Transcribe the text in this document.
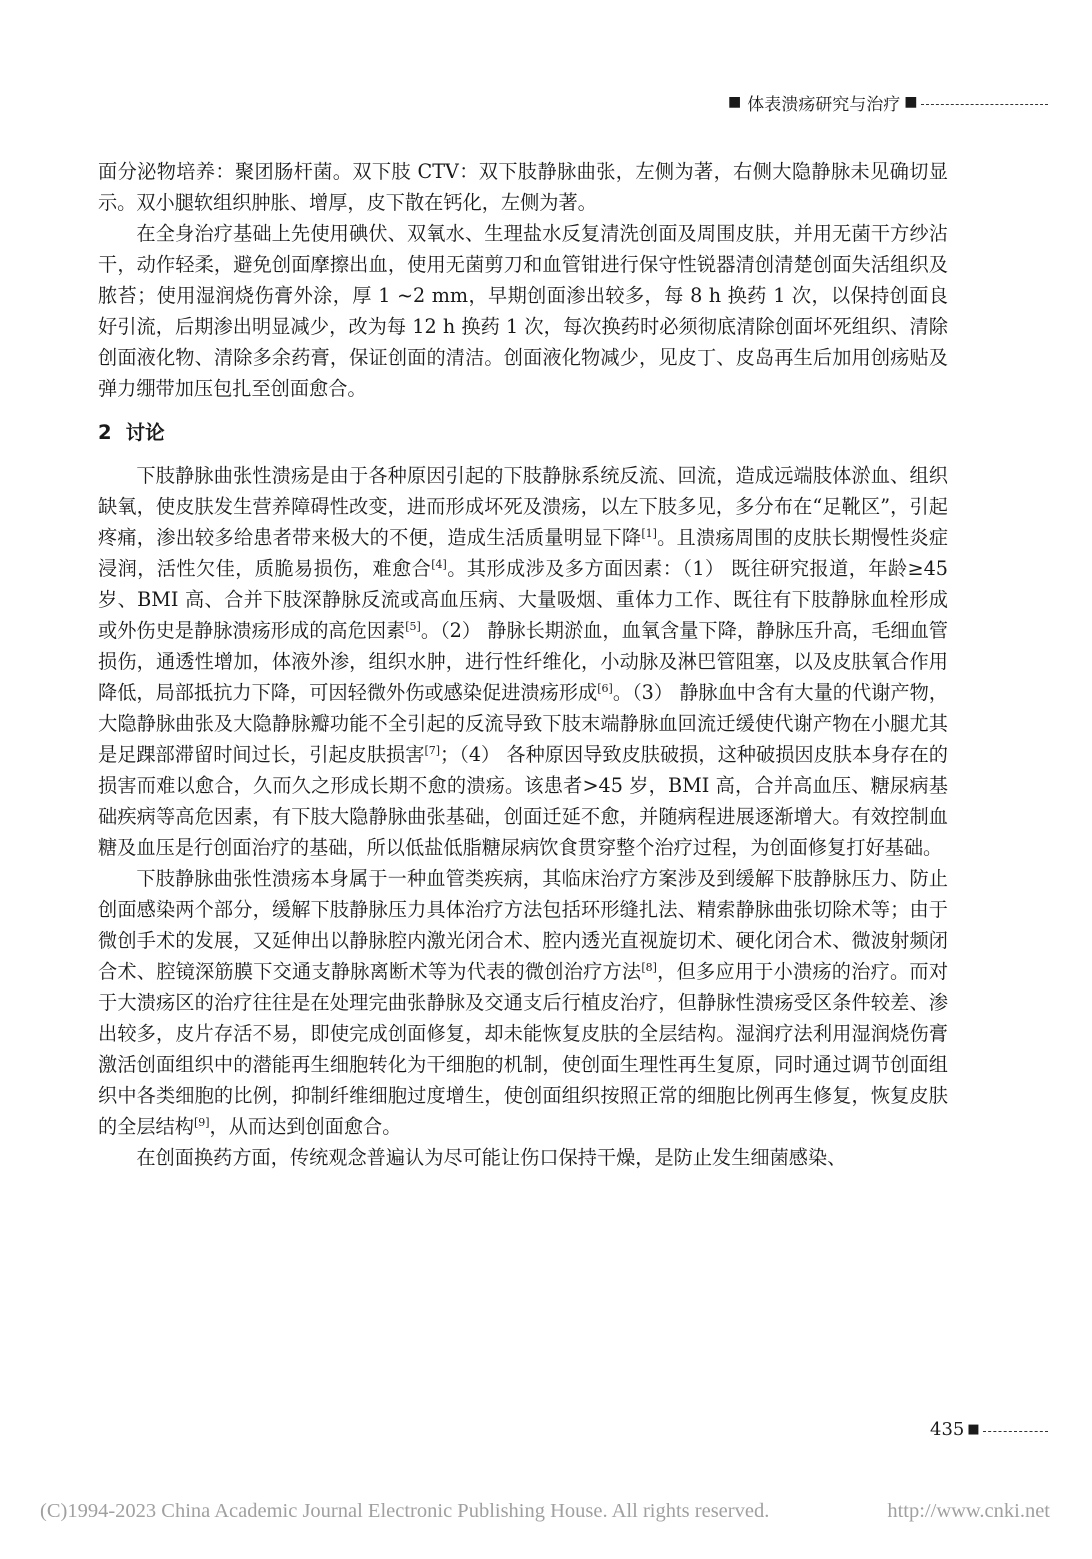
■ 体表溃疡研究与治疗 ■

面分泌物培养：聚团肠杆菌。双下肢 CTV：双下肢静脉曲张，左侧为著，右侧大隐静脉未见确切显示。双小腿软组织肿胀、增厚，皮下散在钙化，左侧为著。

在全身治疗基础上先使用碘伏、双氧水、生理盐水反复清洗创面及周围皮肤，并用无菌干方纱沾干，动作轻柔，避免创面摩擦出血，使用无菌剪刀和血管钳进行保守性锐器清创清楚创面失活组织及脓苔；使用湿润烧伤膏外涂，厚 1 ~2 mm，早期创面渗出较多，每 8 h 换药 1 次，以保持创面良好引流，后期渗出明显减少，改为每 12 h 换药 1 次，每次换药时必须彻底清除创面坏死组织、清除创面液化物、清除多余药膏，保证创面的清洁。创面液化物减少，见皮丁、皮岛再生后加用创疡贴及弹力绷带加压包扎至创面愈合。

2 讨论

下肢静脉曲张性溃疡是由于各种原因引起的下肢静脉系统反流、回流，造成远端肢体淤血、组织缺氧，使皮肤发生营养障碍性改变，进而形成坏死及溃疡，以左下肢多见，多分布在“足靴区”，引起疼痛，渗出较多给患者带来极大的不便，造成生活质量明显下降[1]。且溃疡周围的皮肤长期慢性炎症浸润，活性欠佳，质脆易损伤，难愈合[4]。其形成涉及多方面因素：（1） 既往研究报道，年龄≥45 岁、BMI 高、合并下肢深静脉反流或高血压病、大量吸烟、重体力工作、既往有下肢静脉血栓形成或外伤史是静脉溃疡形成的高危因素[5]。（2） 静脉长期淤血，血氧含量下降，静脉压升高，毛细血管损伤，通透性增加，体液外渗，组织水肿，进行性纤维化，小动脉及淋巴管阻塞，以及皮肤氧合作用降低，局部抵抗力下降，可因轻微外伤或感染促进溃疡形成[6]。（3） 静脉血中含有大量的代谢产物，大隐静脉曲张及大隐静脉瓣功能不全引起的反流导致下肢末端静脉血回流迁缓使代谢产物在小腿尤其是足踝部滞留时间过长，引起皮肤损害[7]；（4） 各种原因导致皮肤破损，这种破损因皮肤本身存在的损害而难以愈合，久而久之形成长期不愈的溃疡。该患者>45 岁，BMI 高，合并高血压、糖尿病基础疾病等高危因素，有下肢大隐静脉曲张基础，创面迁延不愈，并随病程进展逐渐增大。有效控制血糖及血压是行创面治疗的基础，所以低盐低脂糖尿病饮食贯穿整个治疗过程，为创面修复打好基础。

下肢静脉曲张性溃疡本身属于一种血管类疾病，其临床治疗方案涉及到缓解下肢静脉压力、防止创面感染两个部分，缓解下肢静脉压力具体治疗方法包括环形缝扎法、精索静脉曲张切除术等；由于微创手术的发展，又延伸出以静脉腔内激光闭合术、腔内透光直视旋切术、硬化闭合术、微波射频闭合术、腔镜深筋膜下交通支静脉离断术等为代表的微创治疗方法[8]，但多应用于小溃疡的治疗。而对于大溃疡区的治疗往往是在处理完曲张静脉及交通支后行植皮治疗，但静脉性溃疡受区条件较差、渗出较多，皮片存活不易，即使完成创面修复，却未能恢复皮肤的全层结构。湿润疗法利用湿润烧伤膏激活创面组织中的潜能再生细胞转化为干细胞的机制，使创面生理性再生复原，同时通过调节创面组织中各类细胞的比例，抑制纤维细胞过度增生，使创面组织按照正常的细胞比例再生修复，恢复皮肤的全层结构[9]，从而达到创面愈合。

在创面换药方面，传统观念普遍认为尽可能让伤口保持干燥，是防止发生细菌感染、

435 ■
(C)1994-2023 China Academic Journal Electronic Publishing House. All rights reserved.	http://www.cnki.net
